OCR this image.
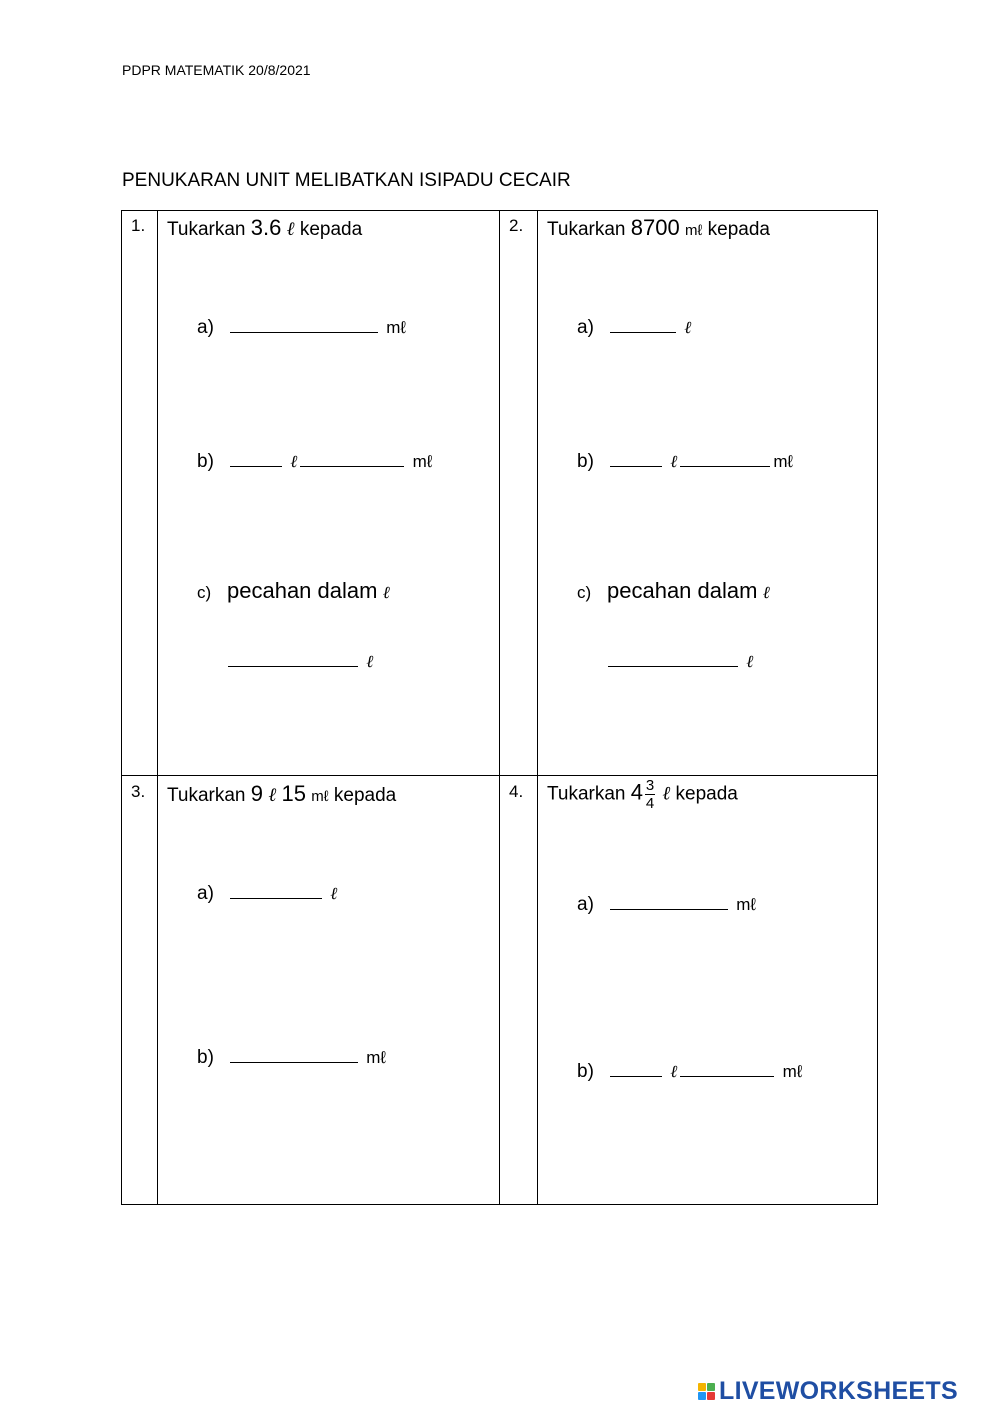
PDPR MATEMATIK 20/8/2021
PENUKARAN UNIT MELIBATKAN ISIPADU CECAIR
1. Tukarkan 3.6 ℓ kepada
a)	mℓ
b)	ℓ	mℓ
c) pecahan dalam ℓ
ℓ
2. Tukarkan 8700 mℓ kepada
a)	ℓ
b)	ℓ	mℓ
c) pecahan dalam ℓ
ℓ
3. Tukarkan 9 ℓ 15 mℓ kepada
a)	ℓ
b)	mℓ
4. Tukarkan $4 \frac{3}{4}$ ℓ kepada
a)	mℓ
b)	ℓ	mℓ
LIVEWORKSHEETS
